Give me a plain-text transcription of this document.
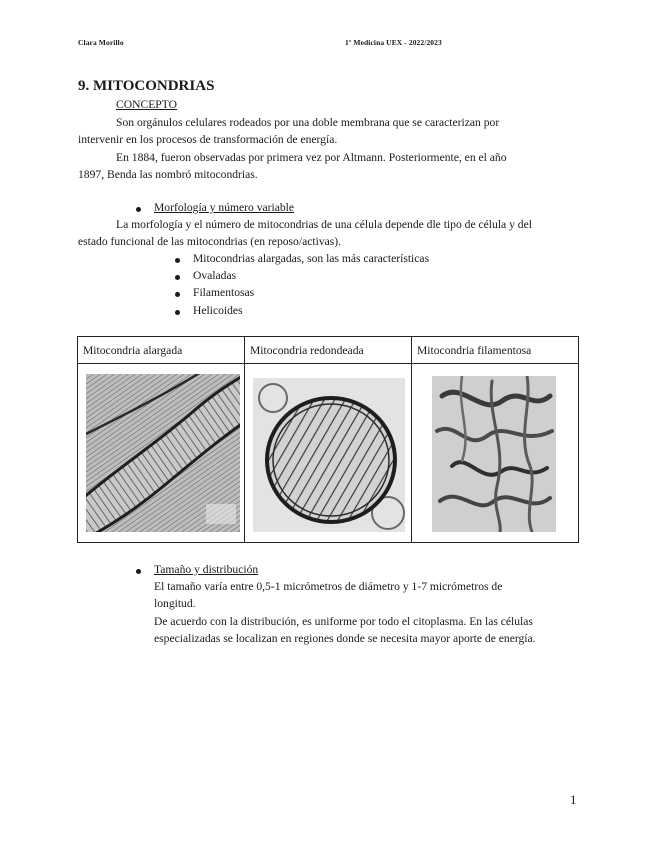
Clara Morillo	1º Medicina UEX - 2022/2023
9. MITOCONDRIAS
CONCEPTO
Son orgánulos celulares rodeados por una doble membrana que se caracterizan por
intervenir en los procesos de transformación de energía.
En 1884, fueron observadas por primera vez por Altmann. Posteriormente, en el año
1897, Benda las nombró mitocondrias.
Morfología y número variable
La morfología y el número de mitocondrias de una célula depende dle tipo de célula y del
estado funcional de las mitocondrias (en reposo/activas).
Mitocondrias alargadas, son las más características
Ovaladas
Filamentosas
Helicoides
Mitocondria alargada	Mitocondria redondeada	Mitocondria filamentosa

Tamaño y distribución
El tamaño varía entre 0,5-1 micrómetros de diámetro y 1-7 micrómetros de
longitud.
De acuerdo con la distribución, es uniforme por todo el citoplasma. En las células
especializadas se localizan en regiones donde se necesita mayor aporte de energía.
1
